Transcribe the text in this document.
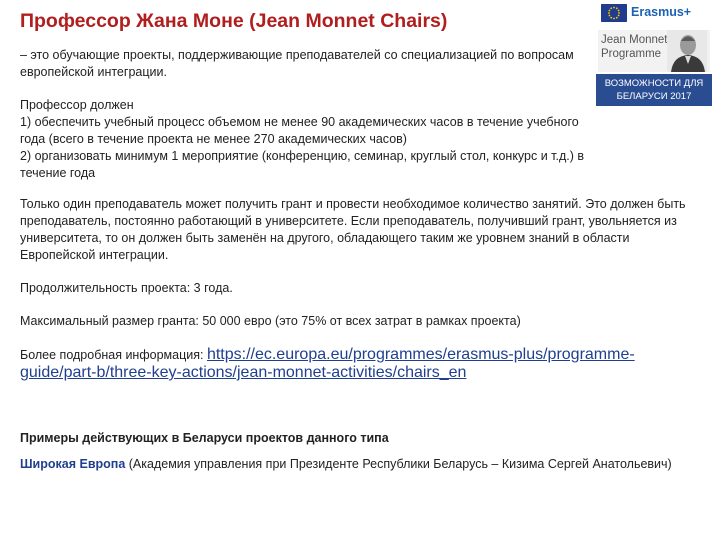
Профессор Жана Моне (Jean Monnet Chairs)
– это обучающие проекты, поддерживающие преподавателей со специализацией по вопросам европейской интеграции.
Профессор должен
1) обеспечить учебный процесс объемом не менее 90 академических часов в течение учебного года (всего в течение проекта не менее 270 академических часов)
2) организовать минимум 1 мероприятие (конференцию, семинар, круглый стол, конкурс и т.д.) в течение года

Только один преподаватель может получить грант и провести необходимое количество занятий. Это должен быть преподаватель, постоянно работающий в университете. Если преподаватель, получивший грант, увольняется из университета, то он должен быть заменён на другого, обладающего таким же уровнем знаний в области Европейской интеграции.

Продолжительность проекта: 3 года.

Максимальный размер гранта: 50 000 евро (это 75% от всех затрат в рамках проекта)

Более подробная информация: https://ec.europa.eu/programmes/erasmus-plus/programme-guide/part-b/three-key-actions/jean-monnet-activities/chairs_en

Примеры действующих в Беларуси проектов данного типа
Широкая Европа (Академия управления при Президенте Республики Беларусь – Кизима Сергей Анатольевич)
Erasmus+
Jean Monnet
Programme
ВОЗМОЖНОСТИ ДЛЯ
БЕЛАРУСИ 2017
